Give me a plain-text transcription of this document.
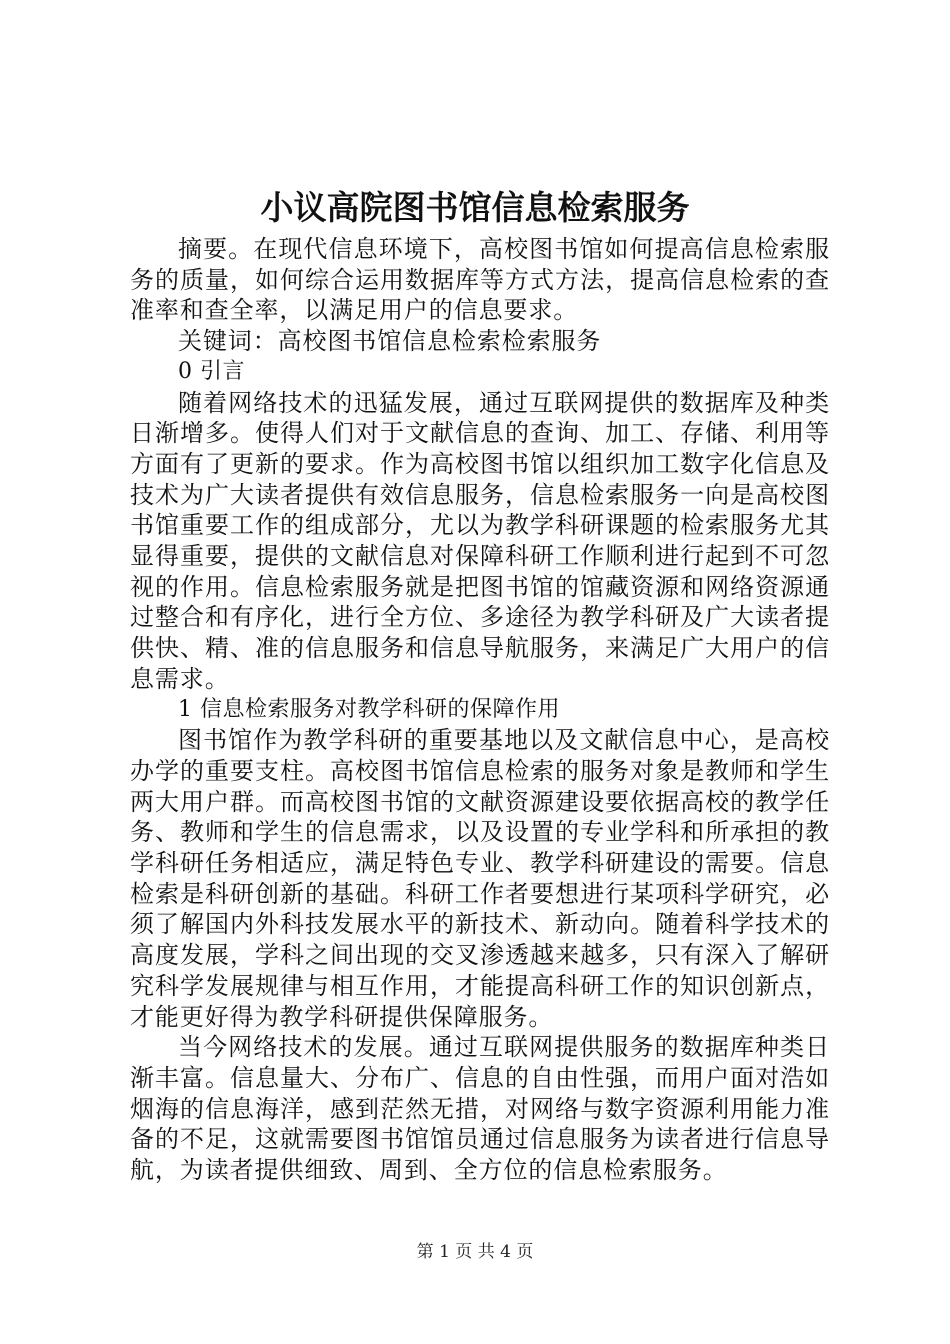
小议高院图书馆信息检索服务

摘要。在现代信息环境下，高校图书馆如何提高信息检索服务的质量，如何综合运用数据库等方式方法，提高信息检索的查准率和查全率，以满足用户的信息要求。

关键词：高校图书馆信息检索检索服务

0 引言

随着网络技术的迅猛发展，通过互联网提供的数据库及种类日渐增多。使得人们对于文献信息的查询、加工、存储、利用等方面有了更新的要求。作为高校图书馆以组织加工数字化信息及技术为广大读者提供有效信息服务，信息检索服务一向是高校图书馆重要工作的组成部分，尤以为教学科研课题的检索服务尤其显得重要，提供的文献信息对保障科研工作顺利进行起到不可忽视的作用。信息检索服务就是把图书馆的馆藏资源和网络资源通过整合和有序化，进行全方位、多途径为教学科研及广大读者提供快、精、准的信息服务和信息导航服务，来满足广大用户的信息需求。

1 信息检索服务对教学科研的保障作用

图书馆作为教学科研的重要基地以及文献信息中心，是高校办学的重要支柱。高校图书馆信息检索的服务对象是教师和学生两大用户群。而高校图书馆的文献资源建设要依据高校的教学任务、教师和学生的信息需求，以及设置的专业学科和所承担的教学科研任务相适应，满足特色专业、教学科研建设的需要。信息检索是科研创新的基础。科研工作者要想进行某项科学研究，必须了解国内外科技发展水平的新技术、新动向。随着科学技术的高度发展，学科之间出现的交叉渗透越来越多，只有深入了解研究科学发展规律与相互作用，才能提高科研工作的知识创新点，才能更好得为教学科研提供保障服务。

当今网络技术的发展。通过互联网提供服务的数据库种类日渐丰富。信息量大、分布广、信息的自由性强，而用户面对浩如烟海的信息海洋，感到茫然无措，对网络与数字资源利用能力准备的不足，这就需要图书馆馆员通过信息服务为读者进行信息导航，为读者提供细致、周到、全方位的信息检索服务。

第 1 页 共 4 页
